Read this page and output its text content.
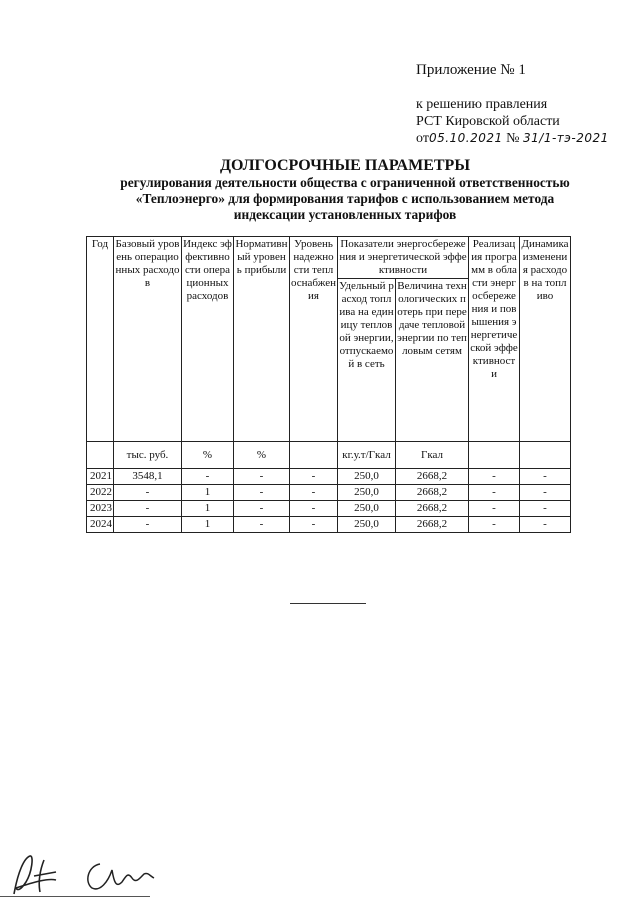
Приложение № 1
к решению правления
РСТ Кировской области
от05.10.2021 № 31/1-тэ-2021
ДОЛГОСРОЧНЫЕ ПАРАМЕТРЫ
регулирования деятельности общества с ограниченной ответственностью
«Теплоэнерго» для формирования тарифов с использованием метода
индексации установленных тарифов
Год	Базовый уровень операционных расходов	Индекс эффективности операционных расходов	Нормативный уровень прибыли	Уровень надежности теплоснабжения	Показатели энергосбережения и энергетической эффективности		Реализация программ в области энергосбережения и повышения энергетической эффективности	Динамика изменения расходов на топливо
					Удельный расход топлива на единицу тепловой энергии, отпускаемой в сеть	Величина технологических потерь при передаче тепловой энергии по тепловым сетям		
	тыс. руб.	%	%		кг.у.т/Гкал	Гкал		
2021	3548,1	-	-	-	250,0	2668,2	-	-
2022	-	1	-	-	250,0	2668,2	-	-
2023	-	1	-	-	250,0	2668,2	-	-
2024	-	1	-	-	250,0	2668,2	-	-
